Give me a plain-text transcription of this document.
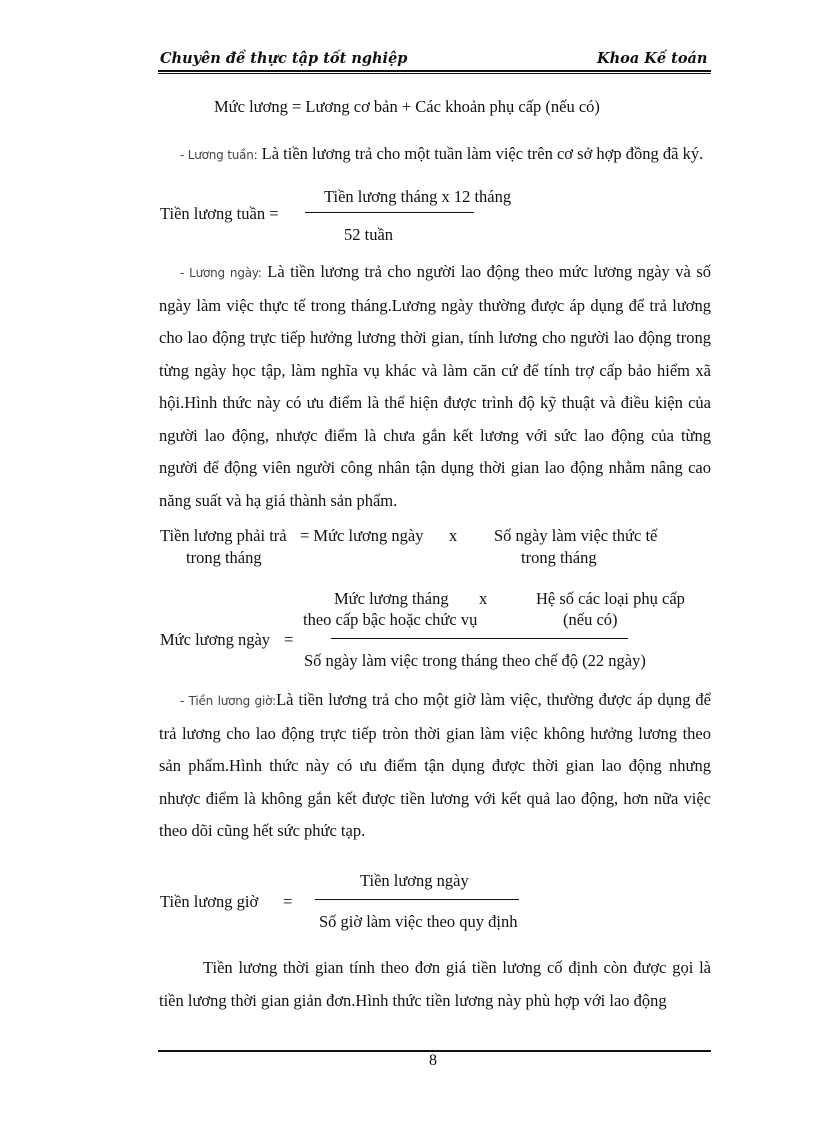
Chuyên đề thực tập tốt nghiệp	Khoa Kế toán
Mức lương = Lương cơ bản + Các khoản phụ cấp (nếu có)
- Lương tuần: Là tiền lương trả cho một tuần làm việc trên cơ sở hợp đồng đã ký.
Tiền lương tuần =
Tiền lương tháng x 12 tháng
52 tuần
- Lương ngày: Là tiền lương trả cho người lao động theo mức lương ngày và số ngày làm việc thực tế trong tháng.Lương ngày thường được áp dụng để trả lương cho lao động trực tiếp hưởng lương thời gian, tính lương cho người lao động trong từng ngày học tập, làm nghĩa vụ khác và làm căn cứ để tính trợ cấp bảo hiểm xã hội.Hình thức này có ưu điểm là thể hiện được trình độ kỹ thuật và điều kiện của người lao động, nhược điểm là chưa gắn kết lương với sức lao động của từng người để động viên người công nhân tận dụng thời gian lao động nhằm nâng cao năng suất và hạ giá thành sản phẩm.
Tiền lương phải trả
trong tháng
= Mức lương ngày x Số ngày làm việc thức tế
trong tháng
Mức lương tháng x	Hệ số các loại phụ cấp
theo cấp bậc hoặc chức vụ	(nếu có)
Mức lương ngày =
Số ngày làm việc trong tháng theo chế độ (22 ngày)
- Tiền lương giờ:Là tiền lương trả cho một giờ làm việc, thường được áp dụng để trả lương cho lao động trực tiếp tròn thời gian làm việc không hưởng lương theo sản phẩm.Hình thức này có ưu điểm tận dụng được thời gian lao động nhưng nhược điểm là không gắn kết được tiền lương với kết quả lao động, hơn nữa việc theo dõi cũng hết sức phức tạp.
Tiền lương ngày
Tiền lương giờ =
Số giờ làm việc theo quy định
Tiền lương thời gian tính theo đơn giá tiền lương cố định còn được gọi là tiền lương thời gian giản đơn.Hình thức tiền lương này phù hợp với lao động
8
